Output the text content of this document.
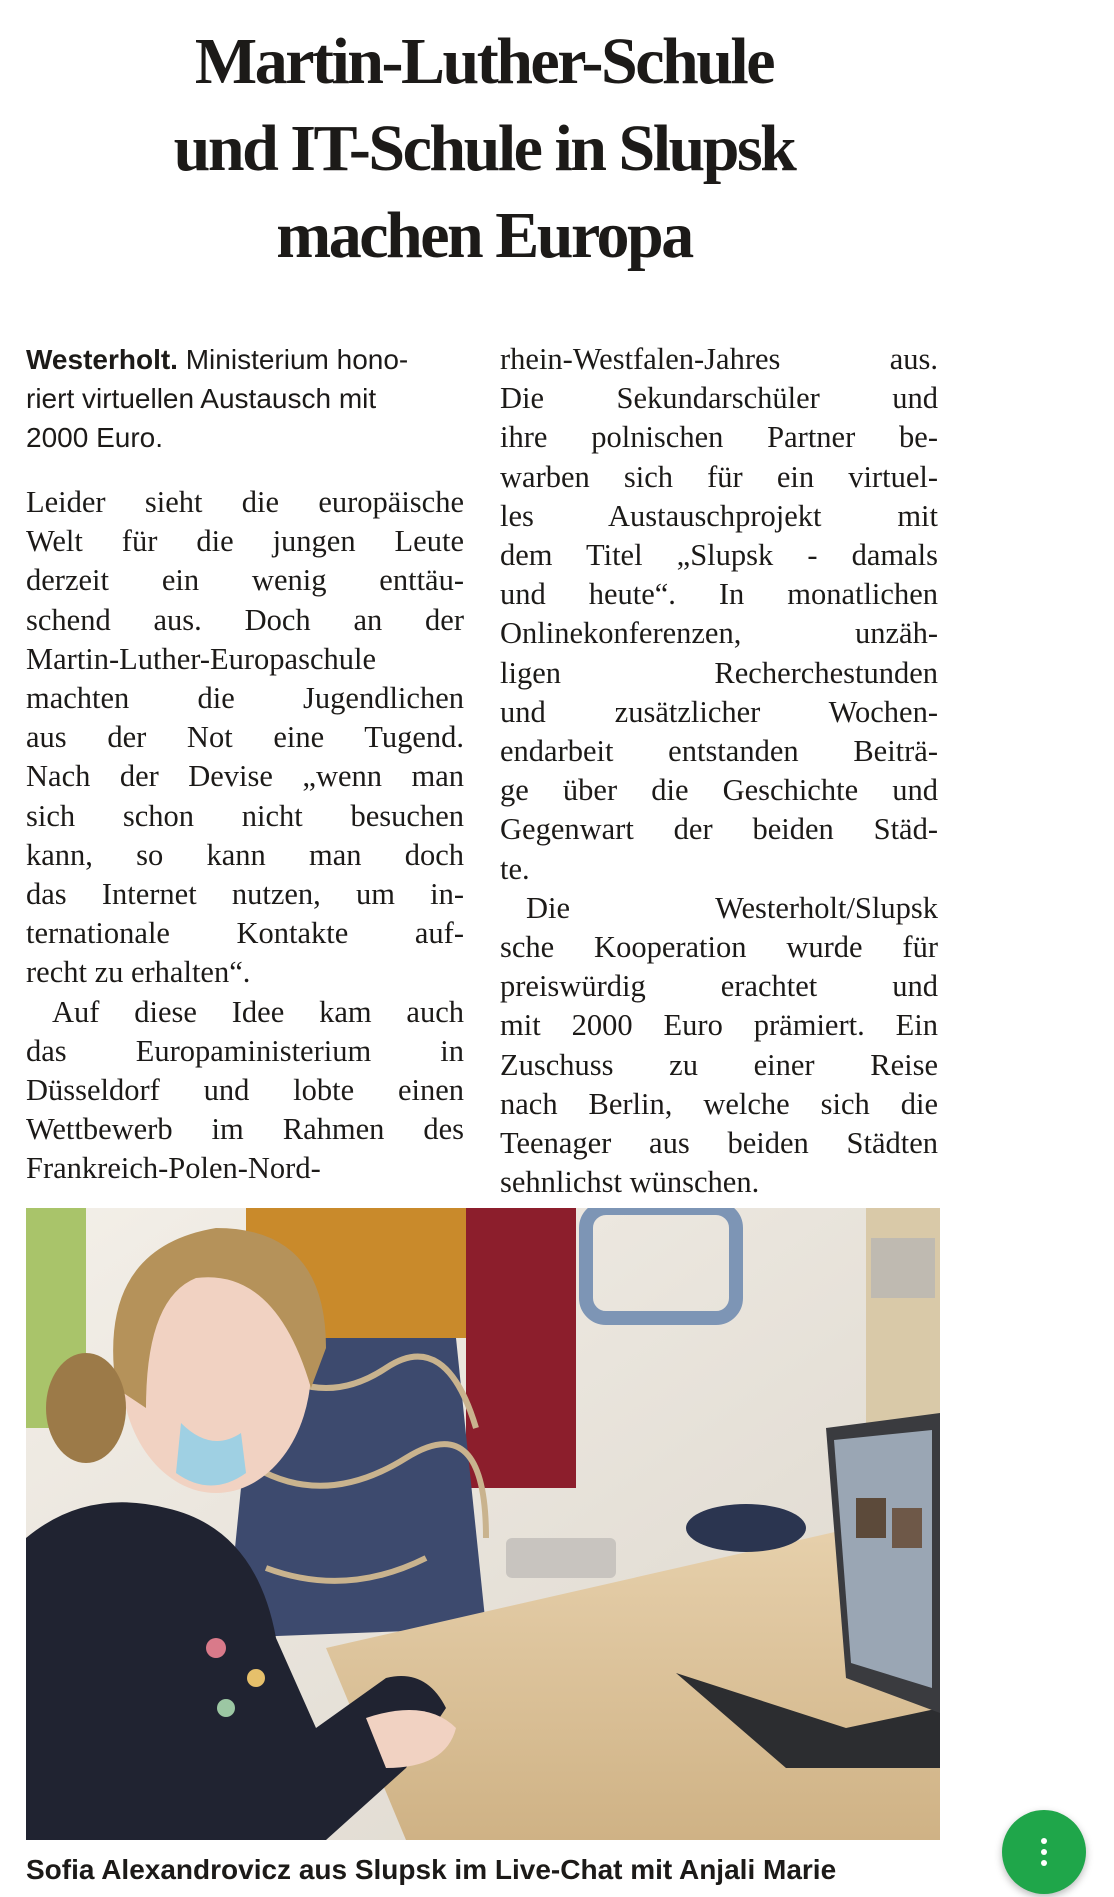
Martin-Luther-Schule
und IT-Schule in Slupsk
machen Europa

Westerholt. Ministerium hono-
riert virtuellen Austausch mit
2000 Euro.

Leider sieht die europäische
Welt für die jungen Leute
derzeit ein wenig enttäu-
schend aus. Doch an der
Martin-Luther-Europaschule
machten die Jugendlichen
aus der Not eine Tugend.
Nach der Devise „wenn man
sich schon nicht besuchen
kann, so kann man doch
das Internet nutzen, um in-
ternationale Kontakte auf-
recht zu erhalten“.
Auf diese Idee kam auch
das Europaministerium in
Düsseldorf und lobte einen
Wettbewerb im Rahmen des
Frankreich-Polen-Nord-
rhein-Westfalen-Jahres aus.
Die Sekundarschüler und
ihre polnischen Partner be-
warben sich für ein virtuel-
les Austauschprojekt mit
dem Titel „Slupsk - damals
und heute“. In monatlichen
Onlinekonferenzen, unzäh-
ligen Recherchestunden
und zusätzlicher Wochen-
endarbeit entstanden Beiträ-
ge über die Geschichte und
Gegenwart der beiden Städ-
te.
Die Westerholt/Slupsk
sche Kooperation wurde für
preiswürdig erachtet und
mit 2000 Euro prämiert. Ein
Zuschuss zu einer Reise
nach Berlin, welche sich die
Teenager aus beiden Städten
sehnlichst wünschen.

Sofia Alexandrovicz aus Slupsk im Live-Chat mit Anjali Marie
